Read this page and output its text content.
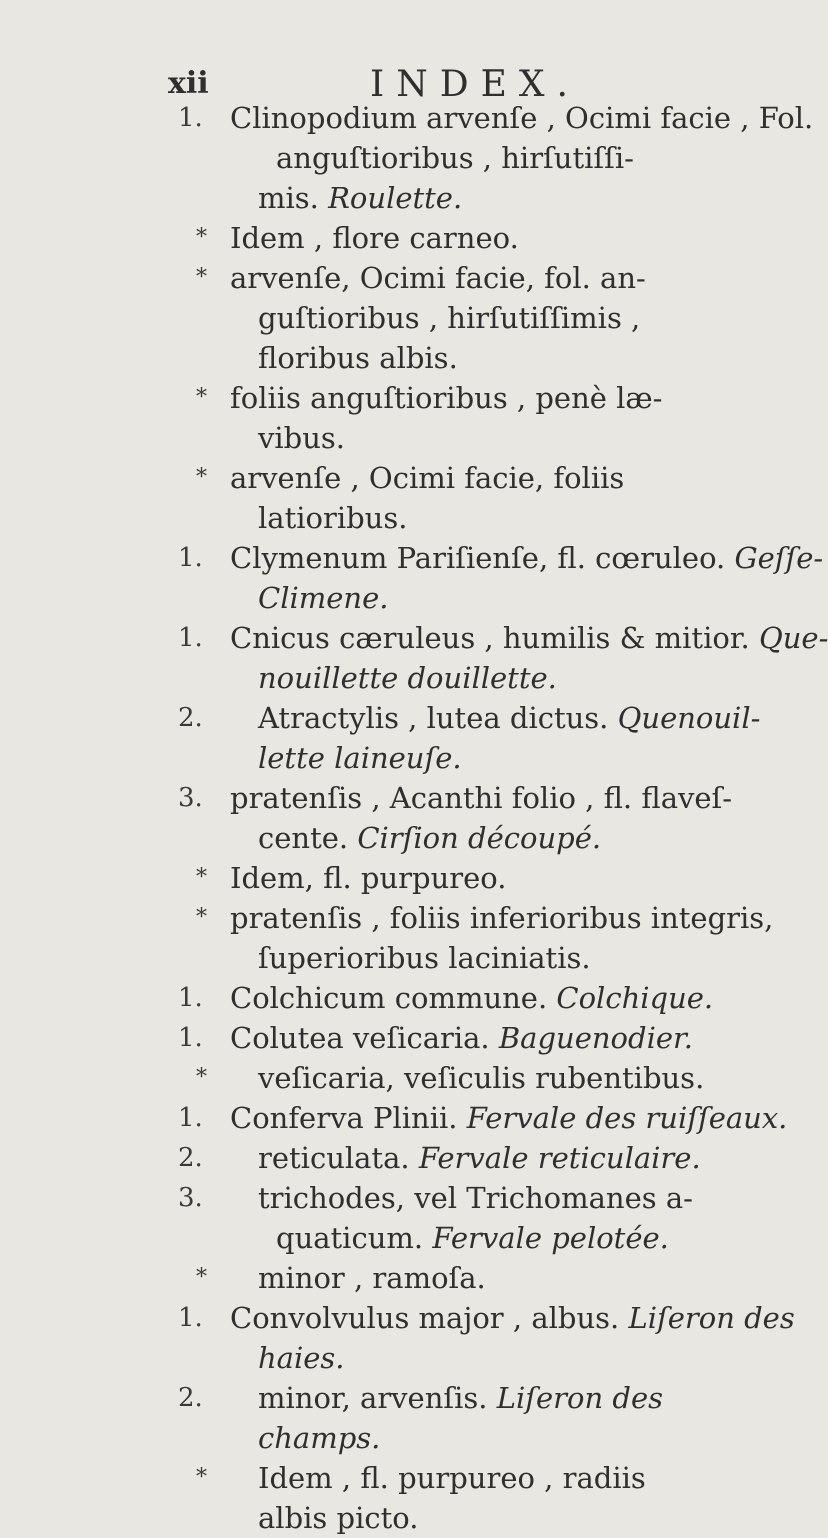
xii	INDEX.
1. Clinopodium arvenſe , Ocimi facie , Fol.
anguſtioribus , hirſutiſſi-
mis. Roulette.
* Idem , flore carneo.
* arvenſe, Ocimi facie, fol. an-
guſtioribus , hirſutiſſimis ,
floribus albis.
* foliis anguſtioribus , penè læ-
vibus.
* arvenſe , Ocimi facie, foliis
latioribus.
1. Clymenum Pariſienſe, fl. cœruleo. Geſſe-
Climene.
1. Cnicus cæruleus , humilis & mitior. Que-
nouillette douillette.
2.	Atractylis , lutea dictus. Quenouil-
lette laineuſe.
3. pratenſis , Acanthi folio , fl. flaveſ-
cente. Cirſion découpé.
* Idem, fl. purpureo.
* pratenſis , foliis inferioribus integris,
ſuperioribus laciniatis.
1. Colchicum commune. Colchique.
1. Colutea veſicaria. Baguenodier.
*	veſicaria, veſiculis rubentibus.
1. Conferva Plinii. Fervale des ruiſſeaux.
2.	reticulata. Fervale reticulaire.
3.	trichodes, vel Trichomanes a-
quaticum. Fervale pelotée.
*	minor , ramoſa.
1. Convolvulus major , albus. Liſeron des
haies.
2.	minor, arvenſis. Liſeron des
champs.
*	Idem , fl. purpureo , radiis
albis picto.
